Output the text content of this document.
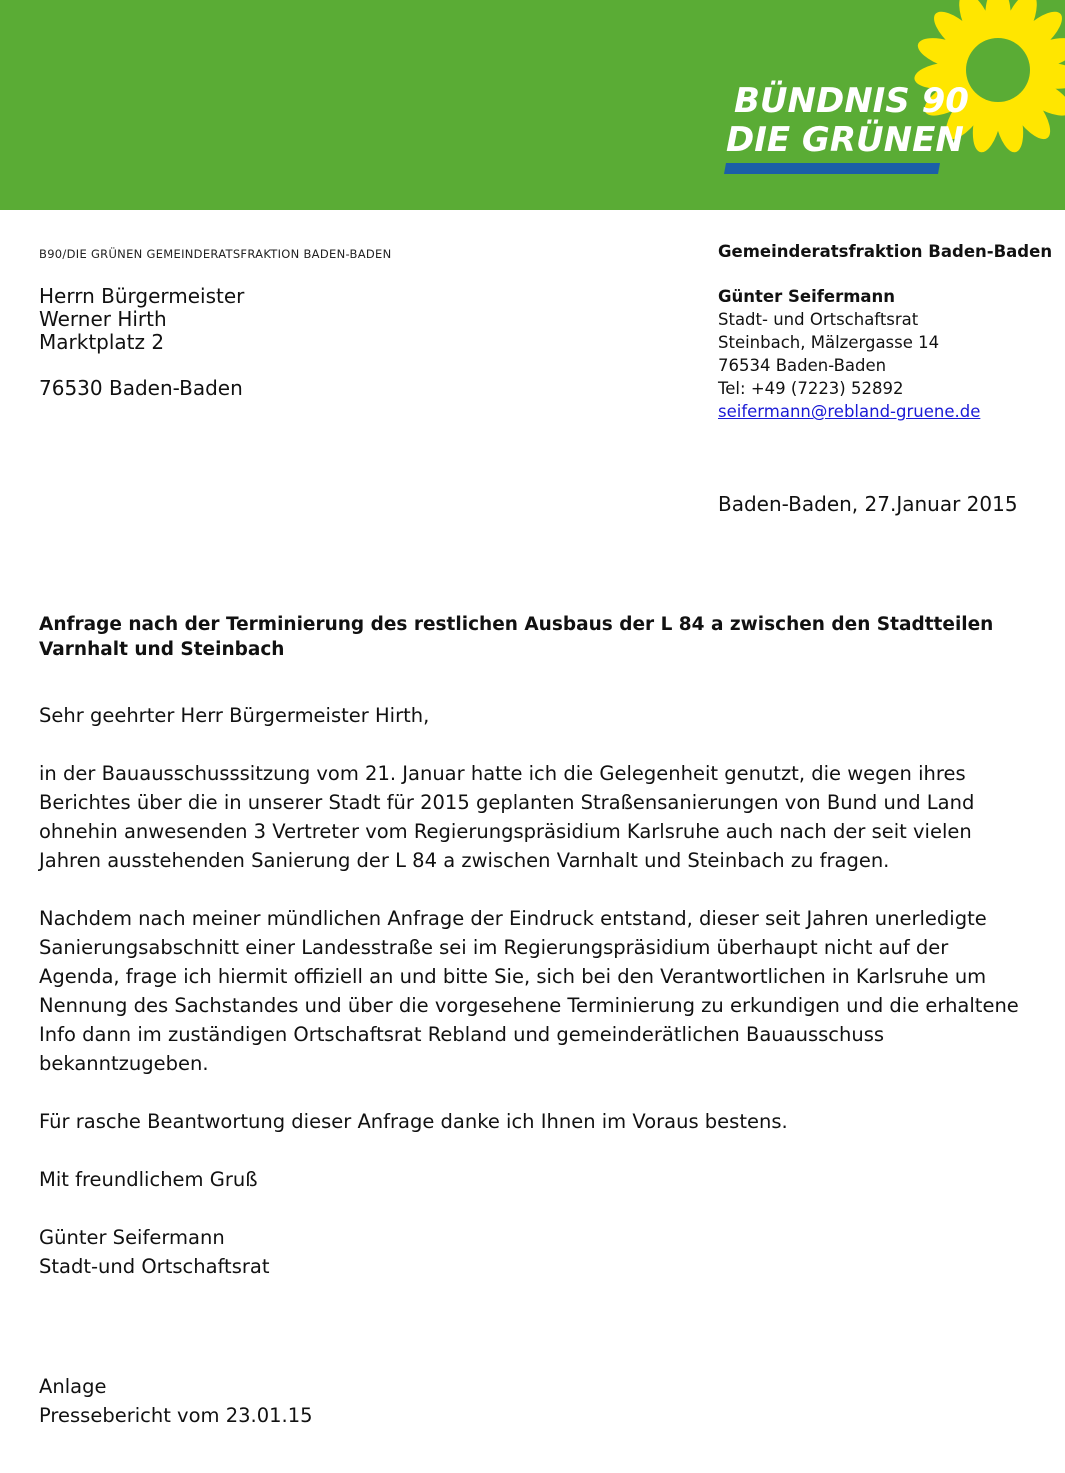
BÜNDNIS 90
DIE GRÜNEN
B90/DIE GRÜNEN GEMEINDERATSFRAKTION BADEN-BADEN
Herrn Bürgermeister
Werner Hirth
Marktplatz 2
76530 Baden-Baden
Gemeinderatsfraktion Baden-Baden
Günter Seifermann
Stadt- und Ortschaftsrat
Steinbach, Mälzergasse 14
76534 Baden-Baden
Tel: +49 (7223) 52892
seifermann@rebland-gruene.de
Baden-Baden, 27.Januar 2015
Anfrage nach der Terminierung des restlichen Ausbaus der L 84 a zwischen den Stadtteilen Varnhalt und Steinbach

Sehr geehrter Herr Bürgermeister Hirth,

in der Bauausschusssitzung vom 21. Januar hatte ich die Gelegenheit genutzt, die wegen ihres Berichtes über die in unserer Stadt für 2015 geplanten Straßensanierungen von Bund und Land ohnehin anwesenden 3 Vertreter vom Regierungspräsidium Karlsruhe auch nach der seit vielen Jahren ausstehenden Sanierung der L 84 a zwischen Varnhalt und Steinbach zu fragen.

Nachdem nach meiner mündlichen Anfrage der Eindruck entstand, dieser seit Jahren unerledigte Sanierungsabschnitt einer Landesstraße sei im Regierungspräsidium überhaupt nicht auf der Agenda, frage ich hiermit offiziell an und bitte Sie, sich bei den Verantwortlichen in Karlsruhe um Nennung des Sachstandes und über die vorgesehene Terminierung zu erkundigen und die erhaltene Info dann im zuständigen Ortschaftsrat Rebland und gemeinderätlichen Bauausschuss bekanntzugeben.

Für rasche Beantwortung dieser Anfrage danke ich Ihnen im Voraus bestens.

Mit freundlichem Gruß

Günter Seifermann

Stadt-und Ortschaftsrat

Anlage
Pressebericht vom 23.01.15
